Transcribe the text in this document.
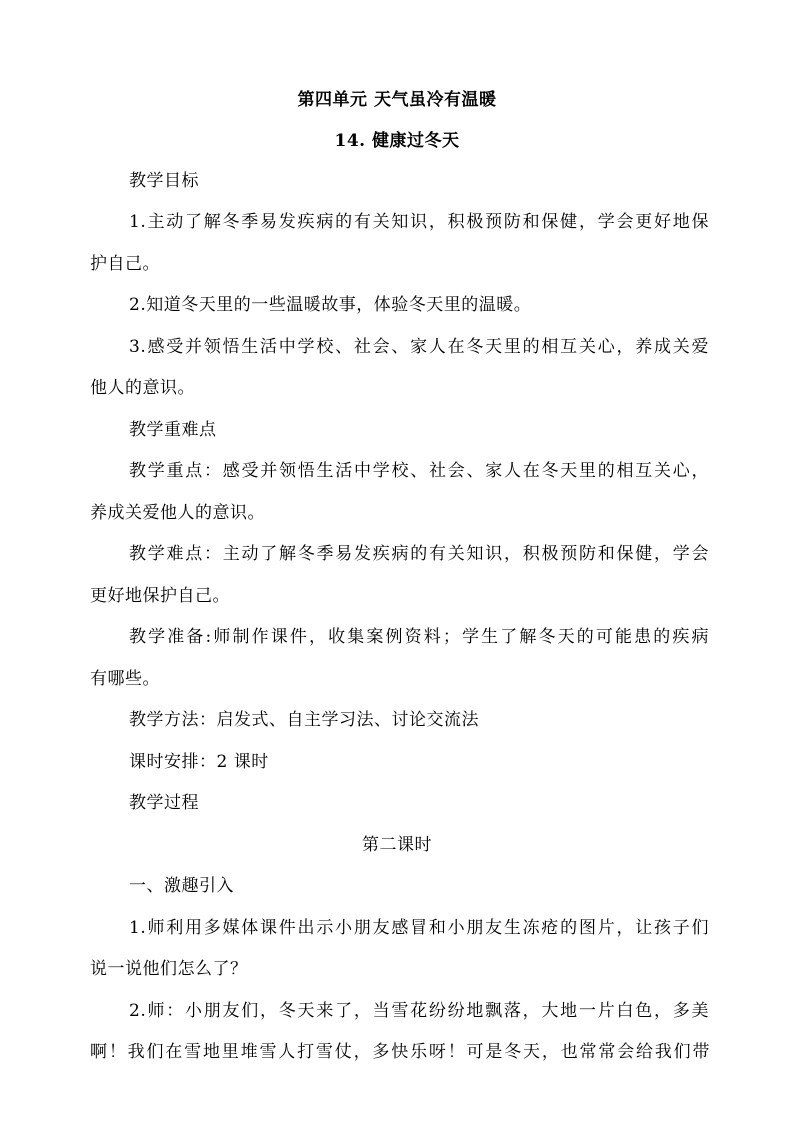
第四单元 天气虽冷有温暖
14. 健康过冬天
教学目标
1.主动了解冬季易发疾病的有关知识，积极预防和保健，学会更好地保
护自己。
2.知道冬天里的一些温暖故事，体验冬天里的温暖。
3.感受并领悟生活中学校、社会、家人在冬天里的相互关心，养成关爱
他人的意识。
教学重难点
教学重点：感受并领悟生活中学校、社会、家人在冬天里的相互关心，
养成关爱他人的意识。
教学难点：主动了解冬季易发疾病的有关知识，积极预防和保健，学会
更好地保护自己。
教学准备:师制作课件，收集案例资料；学生了解冬天的可能患的疾病
有哪些。
教学方法：启发式、自主学习法、讨论交流法
课时安排：2 课时
教学过程
第二课时
一、激趣引入
1.师利用多媒体课件出示小朋友感冒和小朋友生冻疮的图片，让孩子们
说一说他们怎么了？
2.师：小朋友们，冬天来了，当雪花纷纷地飘落，大地一片白色，多美
啊！我们在雪地里堆雪人打雪仗，多快乐呀！可是冬天，也常常会给我们带
